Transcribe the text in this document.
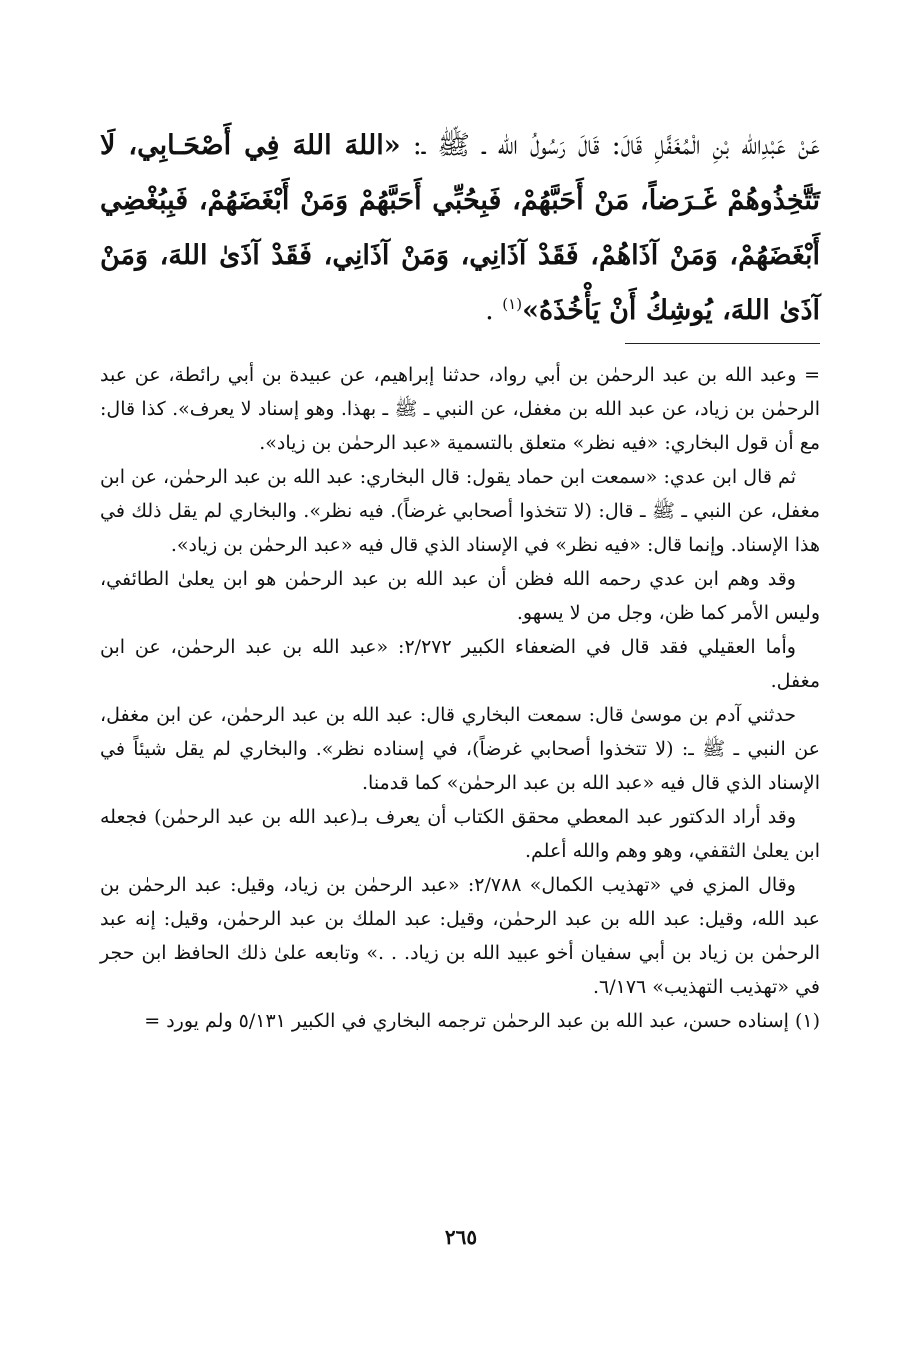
عَنْ عَبْدِالله بْنِ الْمُغَفَّلِ قَالَ: قَالَ رَسُولُ الله ـ ﷺ ـ: «اللهَ اللهَ فِي أَصْحَـابِي، لَا تَتَّخِذُوهُمْ غَـرَضاً، مَنْ أَحَبَّهُمْ، فَبِحُبِّي أَحَبَّهُمْ وَمَنْ أَبْغَضَهُمْ، فَبِبُغْضِي أَبْغَضَهُمْ، وَمَنْ آذَاهُمْ، فَقَدْ آذَانِي، وَمَنْ آذَانِي، فَقَدْ آذَىٰ اللهَ، وَمَنْ آذَىٰ اللهَ، يُوشِكُ أَنْ يَأْخُذَهُ»$^{(١)}$ .

= وعبد الله بن عبد الرحمٰن بن أبي رواد، حدثنا إبراهيم، عن عبيدة بن أبي رائطة، عن عبد الرحمٰن بن زياد، عن عبد الله بن مغفل، عن النبي ـ ﷺ ـ بهذا. وهو إسناد لا يعرف». كذا قال: مع أن قول البخاري: «فيه نظر» متعلق بالتسمية «عبد الرحمٰن بن زياد».

ثم قال ابن عدي: «سمعت ابن حماد يقول: قال البخاري: عبد الله بن عبد الرحمٰن، عن ابن مغفل، عن النبي ـ ﷺ ـ قال: (لا تتخذوا أصحابي غرضاً). فيه نظر». والبخاري لم يقل ذلك في هذا الإسناد. وإنما قال: «فيه نظر» في الإسناد الذي قال فيه «عبد الرحمٰن بن زياد».

وقد وهم ابن عدي رحمه الله فظن أن عبد الله بن عبد الرحمٰن هو ابن يعلىٰ الطائفي، وليس الأمر كما ظن، وجل من لا يسهو.

وأما العقيلي فقد قال في الضعفاء الكبير ٢/٢٧٢: «عبد الله بن عبد الرحمٰن، عن ابن مغفل.

حدثني آدم بن موسىٰ قال: سمعت البخاري قال: عبد الله بن عبد الرحمٰن، عن ابن مغفل، عن النبي ـ ﷺ ـ: (لا تتخذوا أصحابي غرضاً)، في إسناده نظر». والبخاري لم يقل شيئاً في الإسناد الذي قال فيه «عبد الله بن عبد الرحمٰن» كما قدمنا.

وقد أراد الدكتور عبد المعطي محقق الكتاب أن يعرف بـ(عبد الله بن عبد الرحمٰن) فجعله ابن يعلىٰ الثقفي، وهو وهم والله أعلم.

وقال المزي في «تهذيب الكمال» ٢/٧٨٨: «عبد الرحمٰن بن زياد، وقيل: عبد الرحمٰن بن عبد الله، وقيل: عبد الله بن عبد الرحمٰن، وقيل: عبد الملك بن عبد الرحمٰن، وقيل: إنه عبد الرحمٰن بن زياد بن أبي سفيان أخو عبيد الله بن زياد. . .» وتابعه علىٰ ذلك الحافظ ابن حجر في «تهذيب التهذيب» ٦/١٧٦.

(١) إسناده حسن، عبد الله بن عبد الرحمٰن ترجمه البخاري في الكبير ٥/١٣١ ولم يورد =

٢٦٥
